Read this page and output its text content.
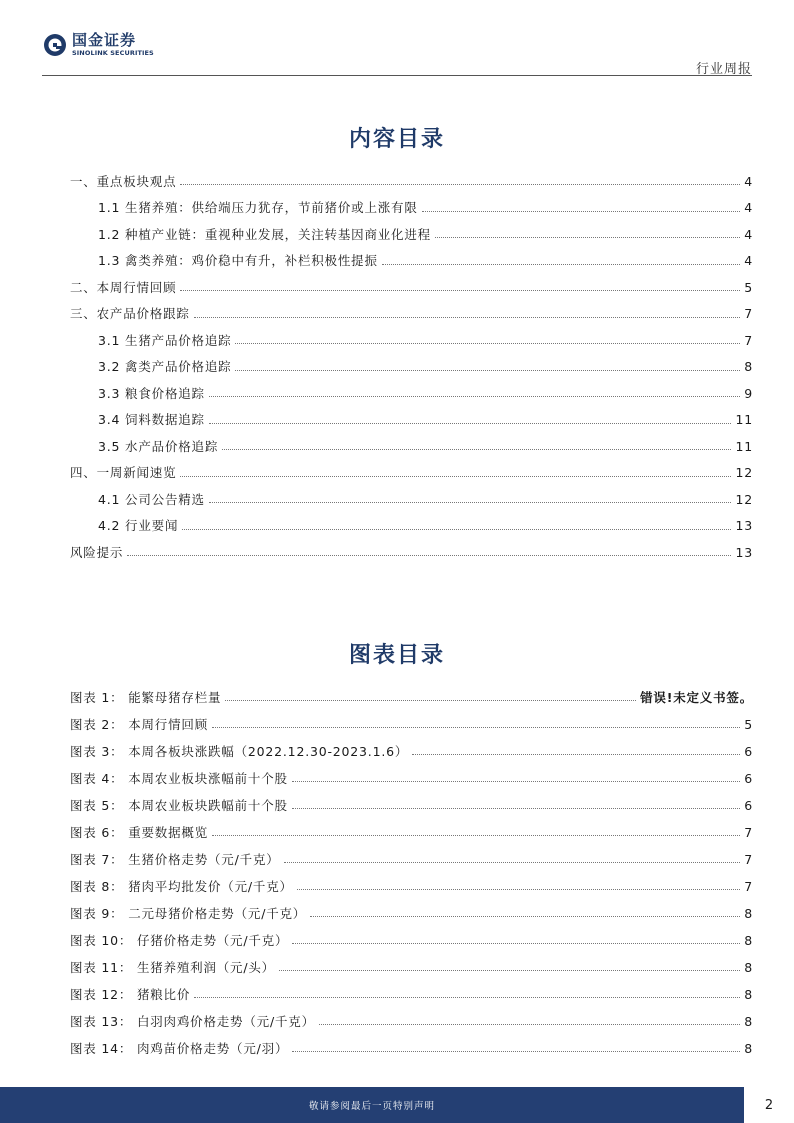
国金证券
SINOLINK SECURITIES
行业周报
内容目录
一、重点板块观点	4
1.1 生猪养殖：供给端压力犹存，节前猪价或上涨有限	4
1.2 种植产业链：重视种业发展，关注转基因商业化进程	4
1.3 禽类养殖：鸡价稳中有升，补栏积极性提振	4
二、本周行情回顾	5
三、农产品价格跟踪	7
3.1 生猪产品价格追踪	7
3.2 禽类产品价格追踪	8
3.3 粮食价格追踪	9
3.4 饲料数据追踪	11
3.5 水产品价格追踪	11
四、一周新闻速览	12
4.1 公司公告精选	12
4.2 行业要闻	13
风险提示	13
图表目录
图表 1： 能繁母猪存栏量	错误!未定义书签。
图表 2： 本周行情回顾	5
图表 3： 本周各板块涨跌幅（2022.12.30-2023.1.6）	6
图表 4： 本周农业板块涨幅前十个股	6
图表 5： 本周农业板块跌幅前十个股	6
图表 6： 重要数据概览	7
图表 7： 生猪价格走势（元/千克）	7
图表 8： 猪肉平均批发价（元/千克）	7
图表 9： 二元母猪价格走势（元/千克）	8
图表 10： 仔猪价格走势（元/千克）	8
图表 11： 生猪养殖利润（元/头）	8
图表 12： 猪粮比价	8
图表 13： 白羽肉鸡价格走势（元/千克）	8
图表 14： 肉鸡苗价格走势（元/羽）	8
敬请参阅最后一页特别声明	2
